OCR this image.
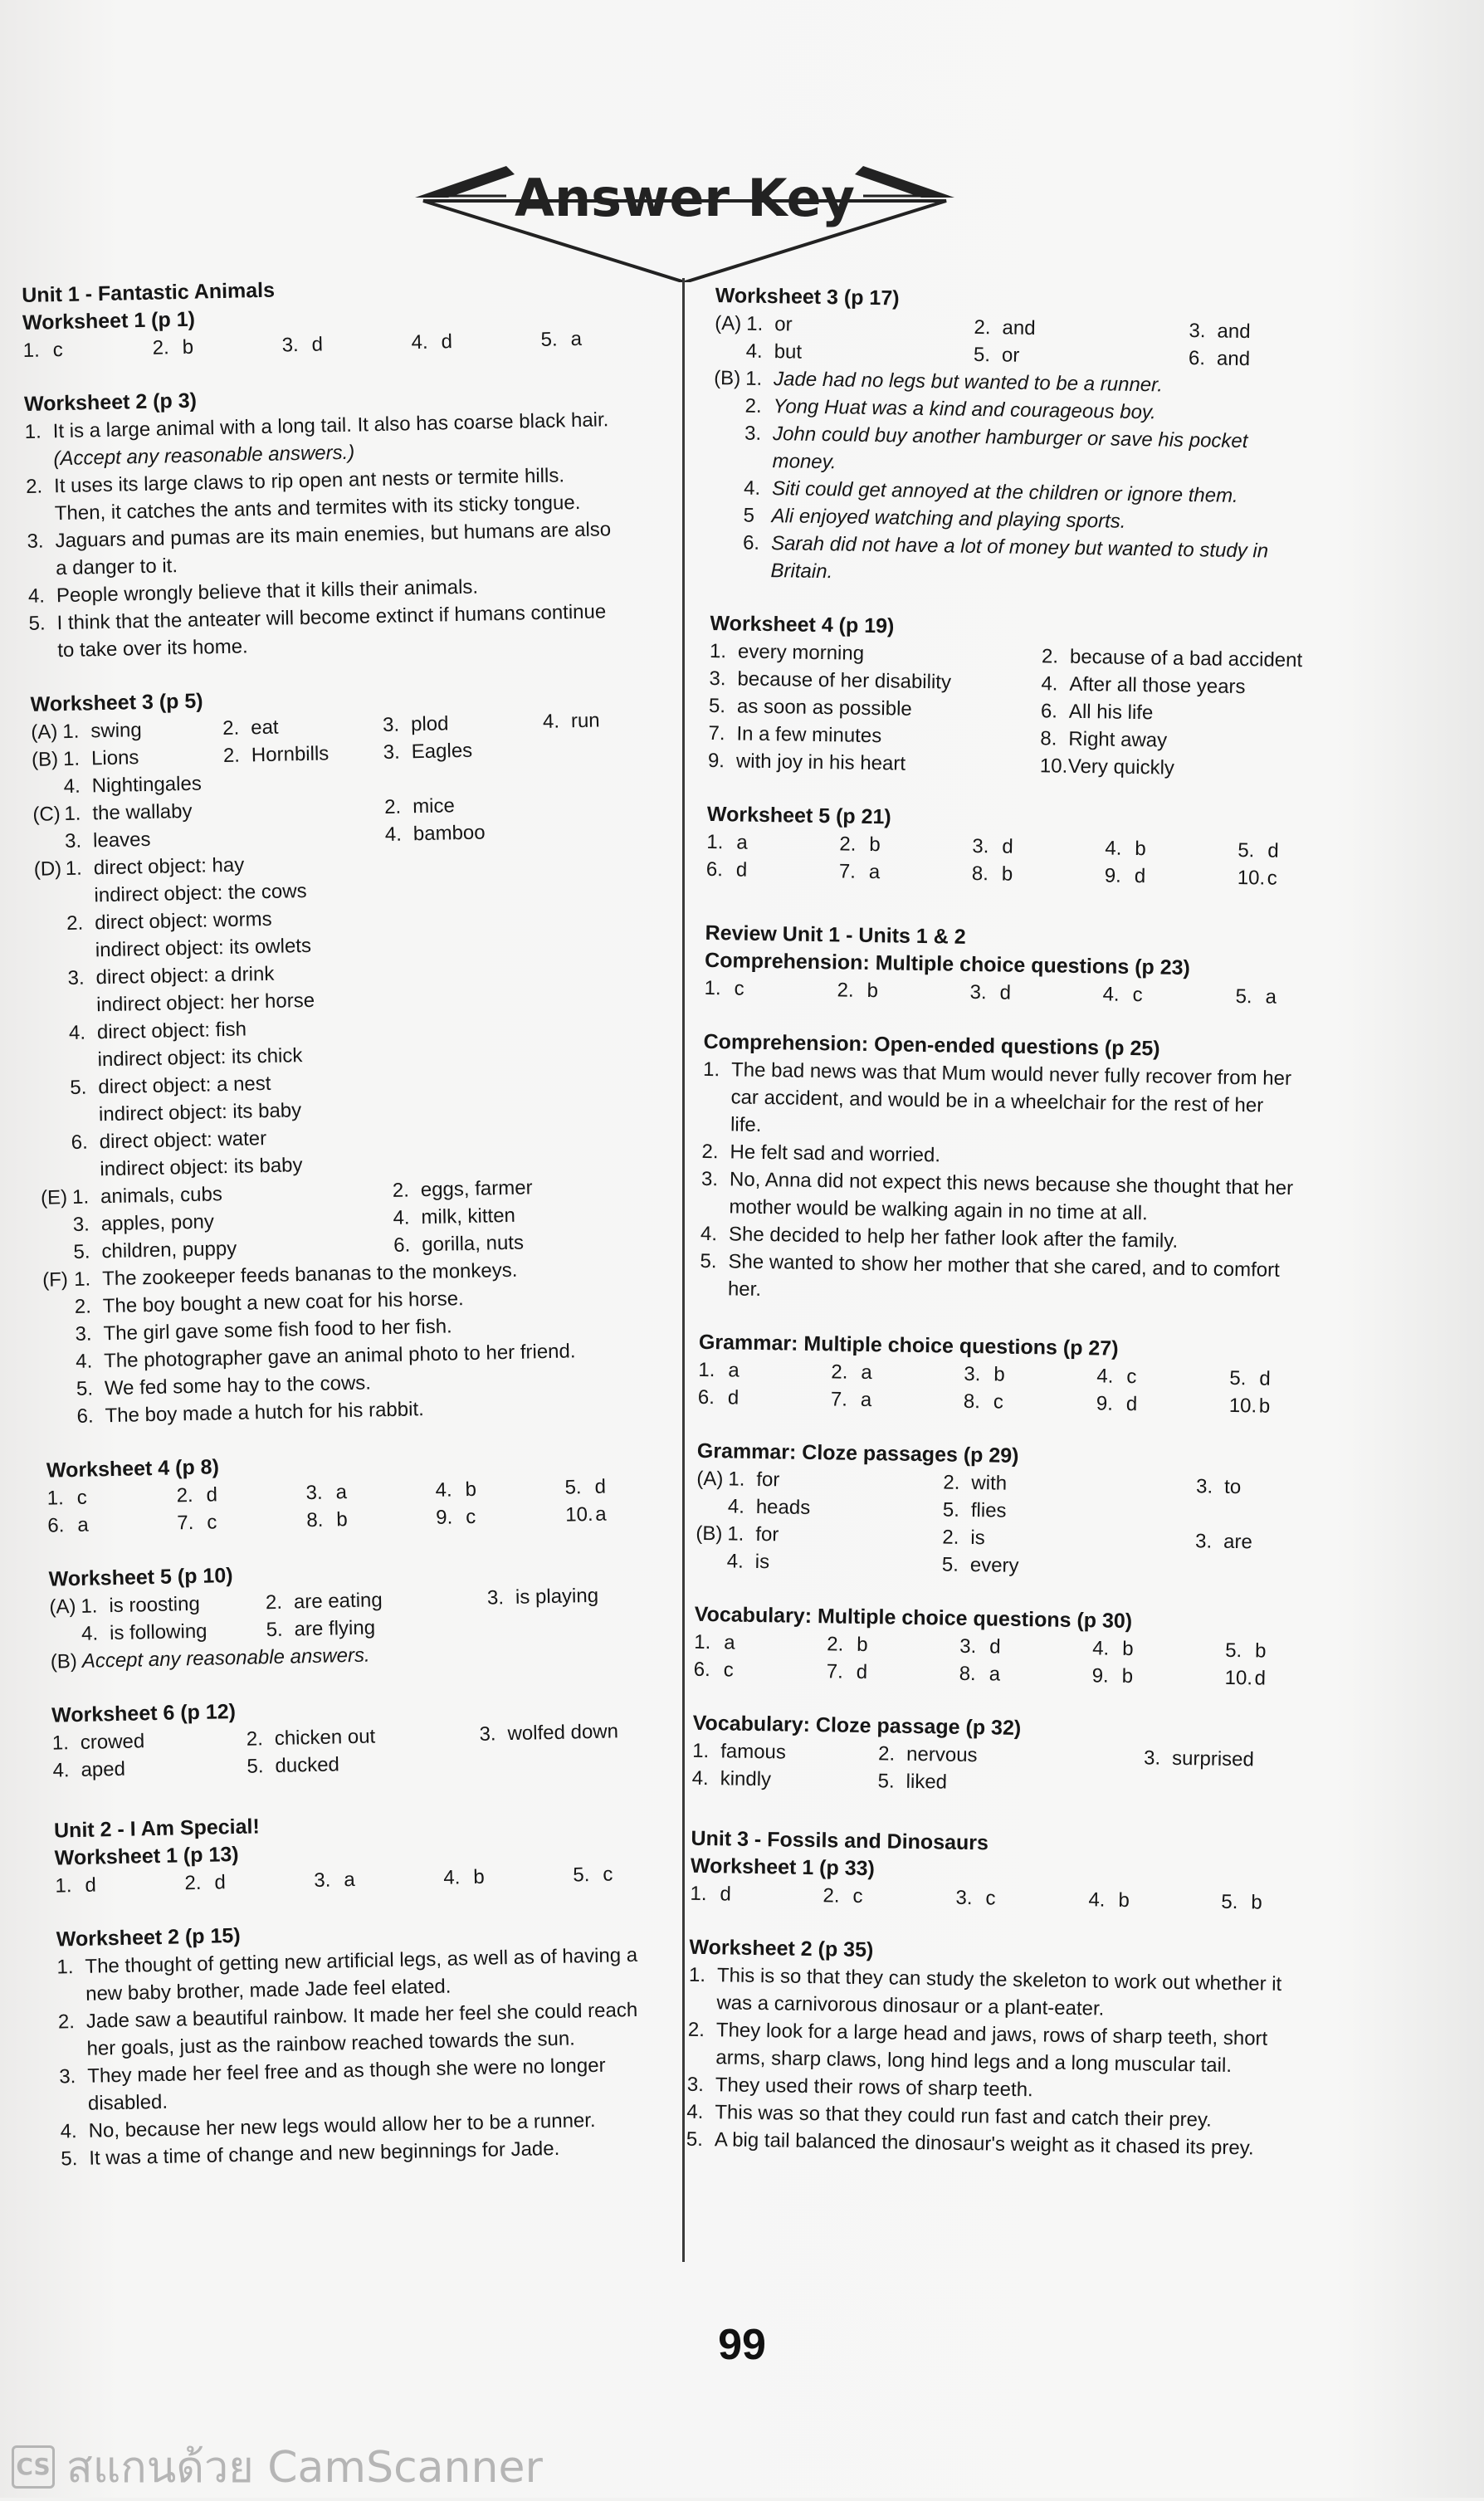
Answer Key
Unit 1 - Fantastic Animals
Worksheet 1 (p 1)
1. c	2. b	3. d	4. d	5. a
Worksheet 2 (p 3)
1. It is a large animal with a long tail. It also has coarse black hair.
(Accept any reasonable answers.)
2. It uses its large claws to rip open ant nests or termite hills.
Then, it catches the ants and termites with its sticky tongue.
3. Jaguars and pumas are its main enemies, but humans are also
a danger to it.
4. People wrongly believe that it kills their animals.
5. I think that the anteater will become extinct if humans continue
to take over its home.
Worksheet 3 (p 5)
(A) 1. swing	2. eat	3. plod	4. run
(B) 1. Lions	2. Hornbills	3. Eagles
4. Nightingales
(C) 1. the wallaby	2. mice
3. leaves	4. bamboo
(D) 1. direct object: hay
indirect object: the cows
2. direct object: worms
indirect object: its owlets
3. direct object: a drink
indirect object: her horse
4. direct object: fish
indirect object: its chick
5. direct object: a nest
indirect object: its baby
6. direct object: water
indirect object: its baby
(E) 1. animals, cubs	2. eggs, farmer
3. apples, pony	4. milk, kitten
5. children, puppy	6. gorilla, nuts
(F) 1. The zookeeper feeds bananas to the monkeys.
2. The boy bought a new coat for his horse.
3. The girl gave some fish food to her fish.
4. The photographer gave an animal photo to her friend.
5. We fed some hay to the cows.
6. The boy made a hutch for his rabbit.
Worksheet 4 (p 8)
1. c	2. d	3. a	4. b	5. d
6. a	7. c	8. b	9. c	10. a
Worksheet 5 (p 10)
(A) 1. is roosting	2. are eating	3. is playing
4. is following	5. are flying
(B) Accept any reasonable answers.
Worksheet 6 (p 12)
1. crowed	2. chicken out	3. wolfed down
4. aped	5. ducked
Unit 2 - I Am Special!
Worksheet 1 (p 13)
1. d	2. d	3. a	4. b	5. c
Worksheet 2 (p 15)
1. The thought of getting new artificial legs, as well as of having a
new baby brother, made Jade feel elated.
2. Jade saw a beautiful rainbow. It made her feel she could reach
her goals, just as the rainbow reached towards the sun.
3. They made her feel free and as though she were no longer
disabled.
4. No, because her new legs would allow her to be a runner.
5. It was a time of change and new beginnings for Jade.
Worksheet 3 (p 17)
(A) 1. or	2. and	3. and
4. but	5. or	6. and
(B) 1. Jade had no legs but wanted to be a runner.
2. Yong Huat was a kind and courageous boy.
3. John could buy another hamburger or save his pocket
money.
4. Siti could get annoyed at the children or ignore them.
5 Ali enjoyed watching and playing sports.
6. Sarah did not have a lot of money but wanted to study in
Britain.
Worksheet 4 (p 19)
1. every morning	2. because of a bad accident
3. because of her disability	4. After all those years
5. as soon as possible	6. All his life
7. In a few minutes	8. Right away
9. with joy in his heart	10. Very quickly
Worksheet 5 (p 21)
1. a	2. b	3. d	4. b	5. d
6. d	7. a	8. b	9. d	10. c
Review Unit 1 - Units 1 & 2
Comprehension: Multiple choice questions (p 23)
1. c	2. b	3. d	4. c	5. a
Comprehension: Open-ended questions (p 25)
1. The bad news was that Mum would never fully recover from her
car accident, and would be in a wheelchair for the rest of her
life.
2. He felt sad and worried.
3. No, Anna did not expect this news because she thought that her
mother would be walking again in no time at all.
4. She decided to help her father look after the family.
5. She wanted to show her mother that she cared, and to comfort
her.
Grammar: Multiple choice questions (p 27)
1. a	2. a	3. b	4. c	5. d
6. d	7. a	8. c	9. d	10. b
Grammar: Cloze passages (p 29)
(A) 1. for	2. with	3. to
4. heads	5. flies
(B) 1. for	2. is	3. are
4. is	5. every
Vocabulary: Multiple choice questions (p 30)
1. a	2. b	3. d	4. b	5. b
6. c	7. d	8. a	9. b	10. d
Vocabulary: Cloze passage (p 32)
1. famous	2. nervous	3. surprised
4. kindly	5. liked
Unit 3 - Fossils and Dinosaurs
Worksheet 1 (p 33)
1. d	2. c	3. c	4. b	5. b
Worksheet 2 (p 35)
1. This is so that they can study the skeleton to work out whether it
was a carnivorous dinosaur or a plant-eater.
2. They look for a large head and jaws, rows of sharp teeth, short
arms, sharp claws, long hind legs and a long muscular tail.
3. They used their rows of sharp teeth.
4. This was so that they could run fast and catch their prey.
5. A big tail balanced the dinosaur's weight as it chased its prey.
99
CS สแกนด้วย CamScanner
